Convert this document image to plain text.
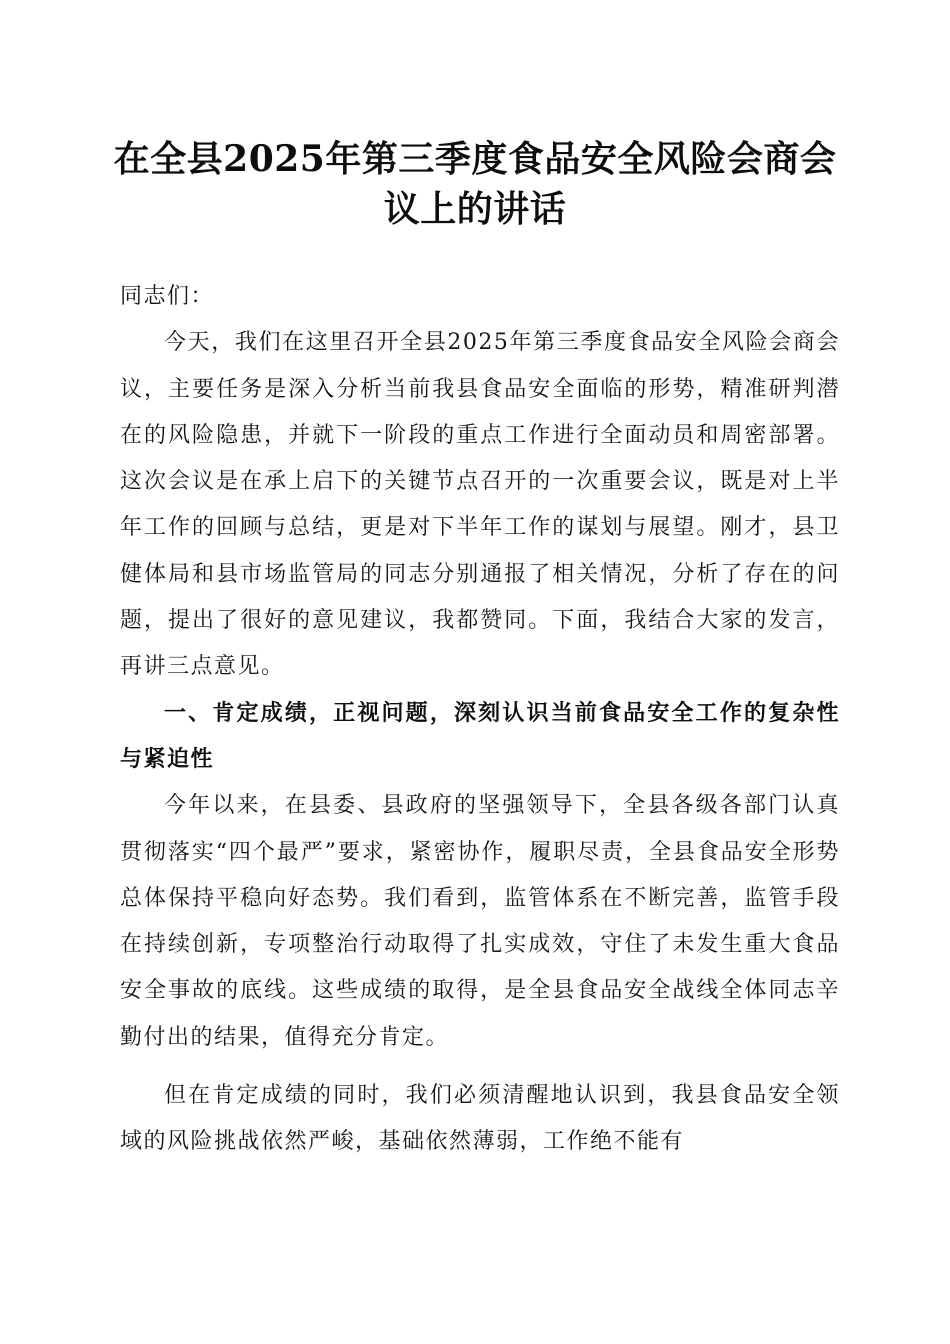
在全县2025年第三季度食品安全风险会商会议上的讲话

同志们：

今天，我们在这里召开全县2025年第三季度食品安全风险会商会议，主要任务是深入分析当前我县食品安全面临的形势，精准研判潜在的风险隐患，并就下一阶段的重点工作进行全面动员和周密部署。这次会议是在承上启下的关键节点召开的一次重要会议，既是对上半年工作的回顾与总结，更是对下半年工作的谋划与展望。刚才，县卫健体局和县市场监管局的同志分别通报了相关情况，分析了存在的问题，提出了很好的意见建议，我都赞同。下面，我结合大家的发言，再讲三点意见。

一、肯定成绩，正视问题，深刻认识当前食品安全工作的复杂性与紧迫性

今年以来，在县委、县政府的坚强领导下，全县各级各部门认真贯彻落实“四个最严”要求，紧密协作，履职尽责，全县食品安全形势总体保持平稳向好态势。我们看到，监管体系在不断完善，监管手段在持续创新，专项整治行动取得了扎实成效，守住了未发生重大食品安全事故的底线。这些成绩的取得，是全县食品安全战线全体同志辛勤付出的结果，值得充分肯定。

但在肯定成绩的同时，我们必须清醒地认识到，我县食品安全领域的风险挑战依然严峻，基础依然薄弱，工作绝不能有
